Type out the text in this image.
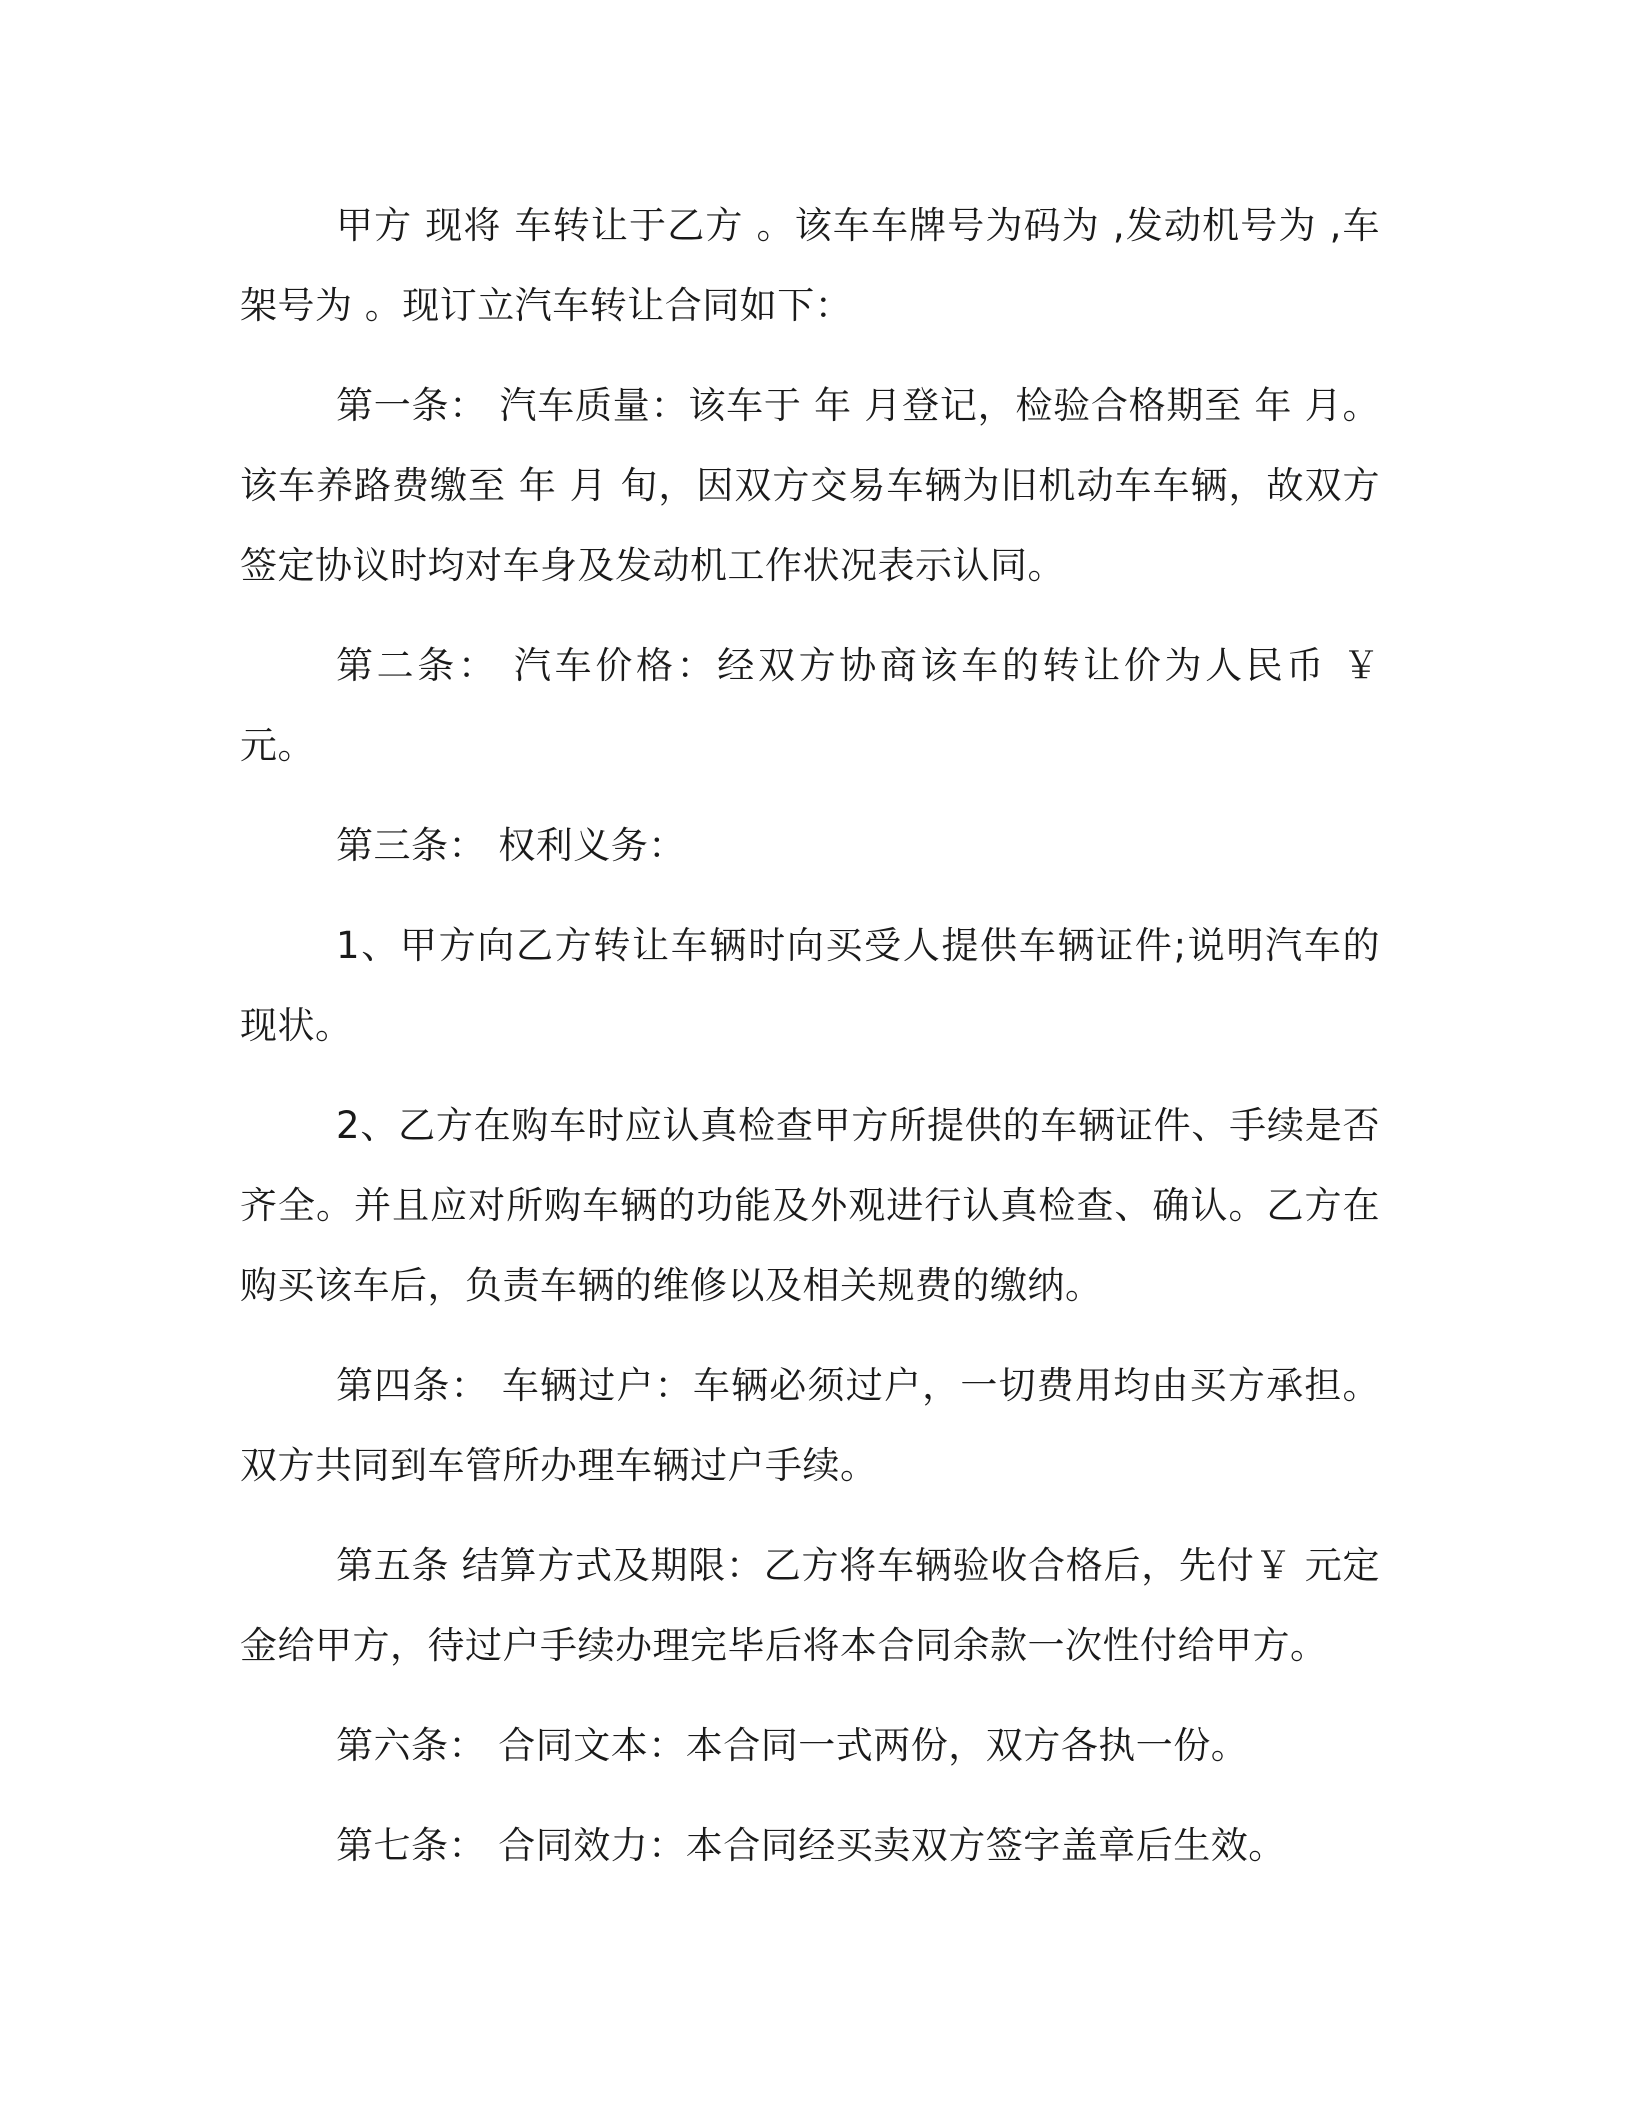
甲方 现将 车转让于乙方 。该车车牌号为码为 ,发动机号为 ,车架号为 。现订立汽车转让合同如下：

第一条： 汽车质量：该车于 年 月登记，检验合格期至 年 月。该车养路费缴至 年 月 旬，因双方交易车辆为旧机动车车辆，故双方签定协议时均对车身及发动机工作状况表示认同。

第二条： 汽车价格：经双方协商该车的转让价为人民币 ￥ 元。

第三条： 权利义务：

1、甲方向乙方转让车辆时向买受人提供车辆证件;说明汽车的现状。

2、乙方在购车时应认真检查甲方所提供的车辆证件、手续是否齐全。并且应对所购车辆的功能及外观进行认真检查、确认。乙方在购买该车后，负责车辆的维修以及相关规费的缴纳。

第四条： 车辆过户：车辆必须过户，一切费用均由买方承担。双方共同到车管所办理车辆过户手续。

第五条 结算方式及期限：乙方将车辆验收合格后，先付￥ 元定金给甲方，待过户手续办理完毕后将本合同余款一次性付给甲方。

第六条： 合同文本：本合同一式两份，双方各执一份。

第七条： 合同效力：本合同经买卖双方签字盖章后生效。
